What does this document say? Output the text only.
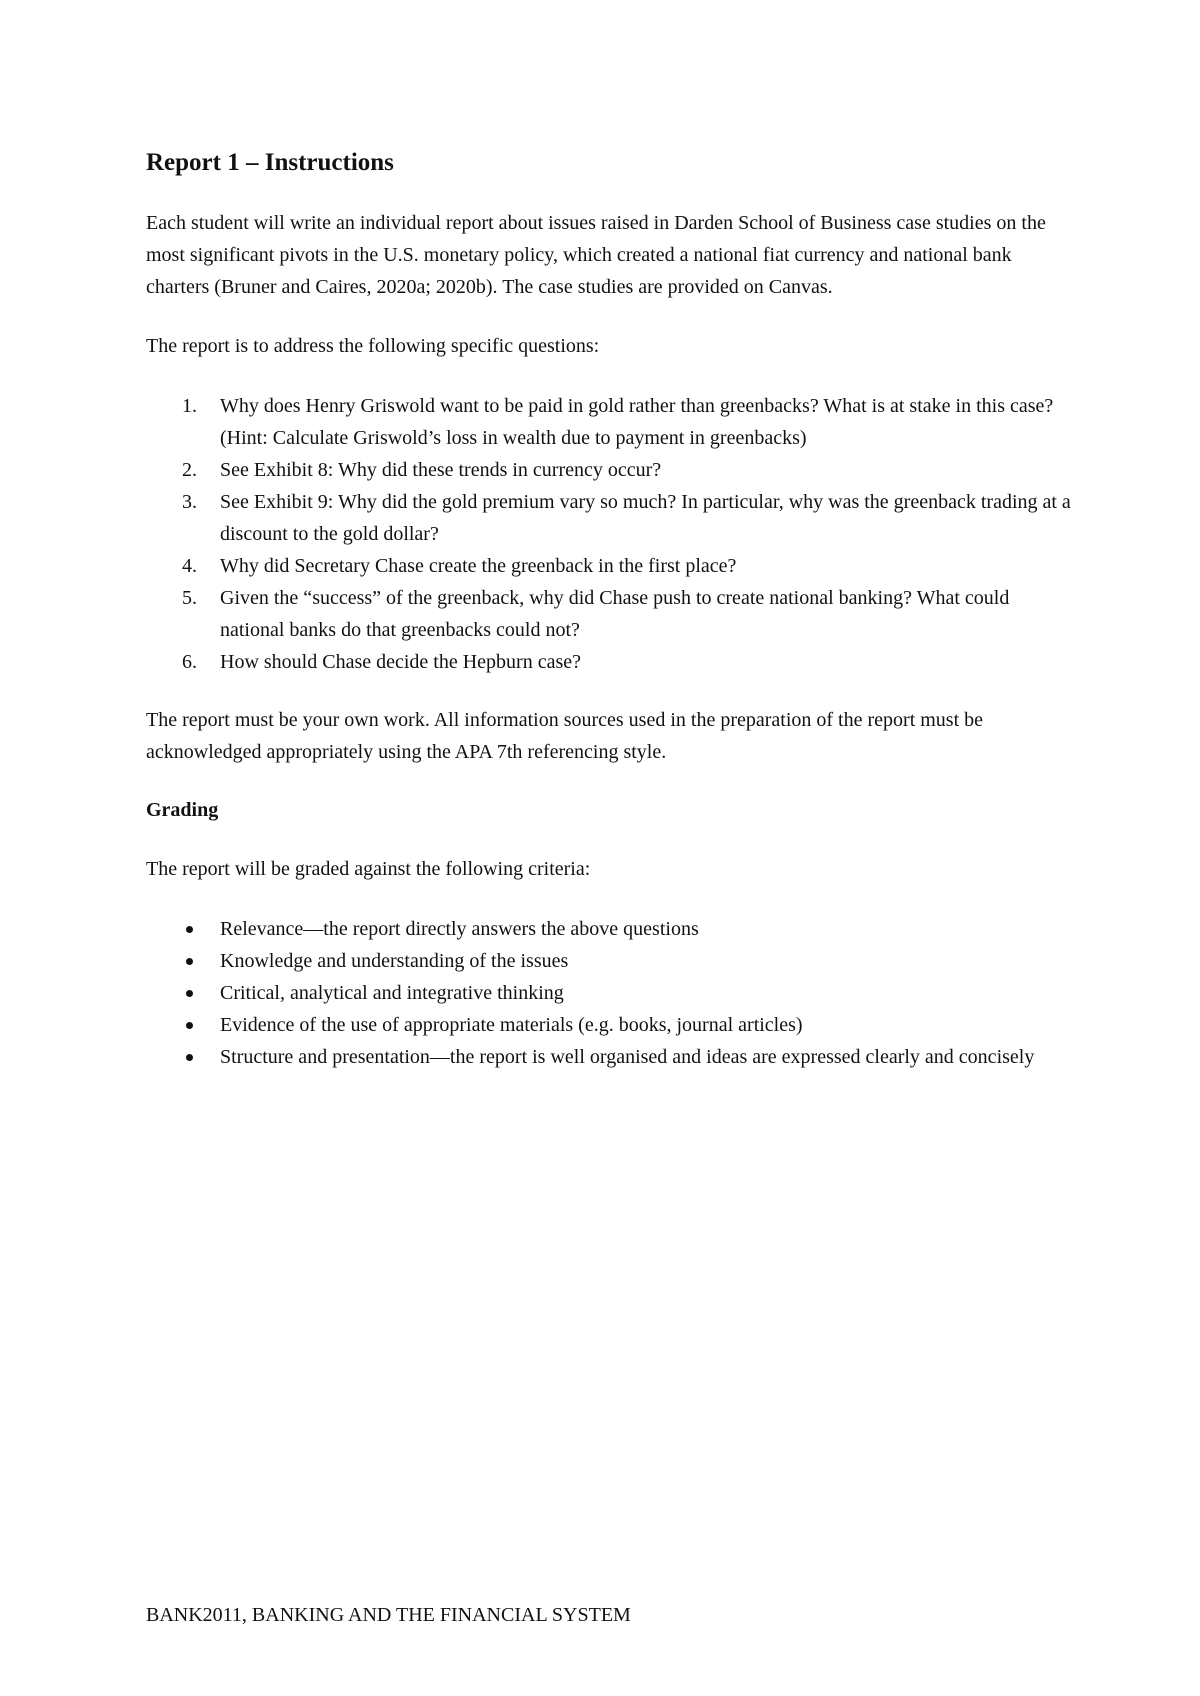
Report 1 – Instructions

Each student will write an individual report about issues raised in Darden School of Business case studies on the most significant pivots in the U.S. monetary policy, which created a national fiat currency and national bank charters (Bruner and Caires, 2020a; 2020b). The case studies are provided on Canvas.

The report is to address the following specific questions:

1. Why does Henry Griswold want to be paid in gold rather than greenbacks? What is at stake in this case? (Hint: Calculate Griswold’s loss in wealth due to payment in greenbacks)
2. See Exhibit 8: Why did these trends in currency occur?
3. See Exhibit 9: Why did the gold premium vary so much? In particular, why was the greenback trading at a discount to the gold dollar?
4. Why did Secretary Chase create the greenback in the first place?
5. Given the “success” of the greenback, why did Chase push to create national banking? What could national banks do that greenbacks could not?
6. How should Chase decide the Hepburn case?

The report must be your own work. All information sources used in the preparation of the report must be acknowledged appropriately using the APA 7th referencing style.

Grading

The report will be graded against the following criteria:

Relevance—the report directly answers the above questions
Knowledge and understanding of the issues
Critical, analytical and integrative thinking
Evidence of the use of appropriate materials (e.g. books, journal articles)
Structure and presentation—the report is well organised and ideas are expressed clearly and concisely

BANK2011, BANKING AND THE FINANCIAL SYSTEM
